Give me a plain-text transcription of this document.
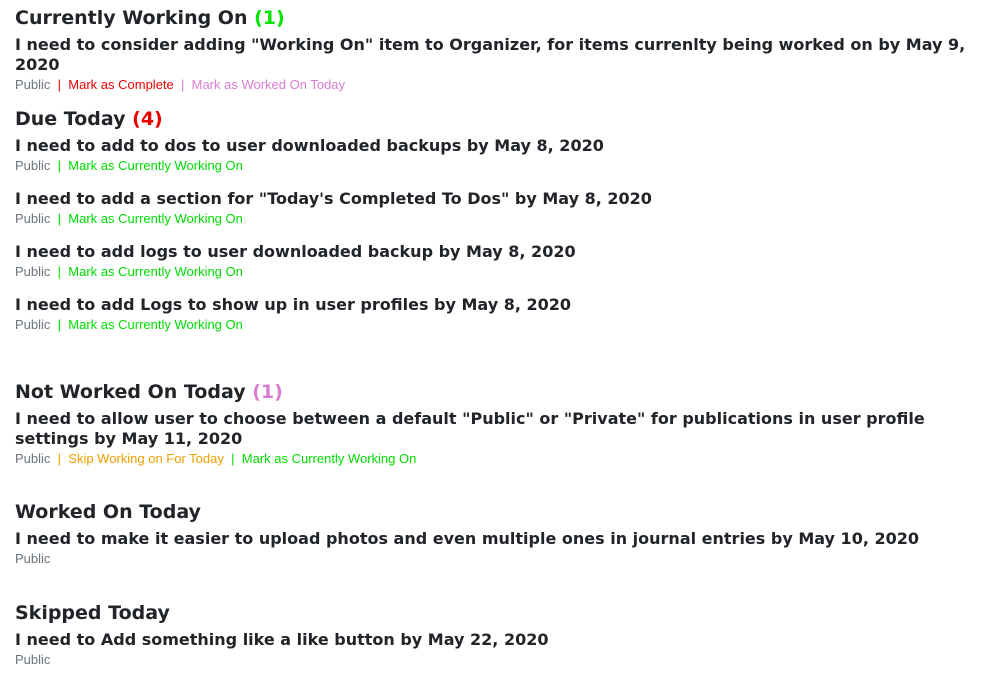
Currently Working On (1)
I need to consider adding "Working On" item to Organizer, for items currenlty being worked on by May 9, 2020
Public  |  Mark as Complete  |  Mark as Worked On Today
Due Today (4)
I need to add to dos to user downloaded backups by May 8, 2020
Public  |  Mark as Currently Working On
I need to add a section for "Today's Completed To Dos" by May 8, 2020
Public  |  Mark as Currently Working On
I need to add logs to user downloaded backup by May 8, 2020
Public  |  Mark as Currently Working On
I need to add Logs to show up in user profiles by May 8, 2020
Public  |  Mark as Currently Working On
Not Worked On Today (1)
I need to allow user to choose between a default "Public" or "Private" for publications in user profile settings by May 11, 2020
Public  |  Skip Working on For Today  |  Mark as Currently Working On
Worked On Today
I need to make it easier to upload photos and even multiple ones in journal entries by May 10, 2020
Public
Skipped Today
I need to Add something like a like button by May 22, 2020
Public
